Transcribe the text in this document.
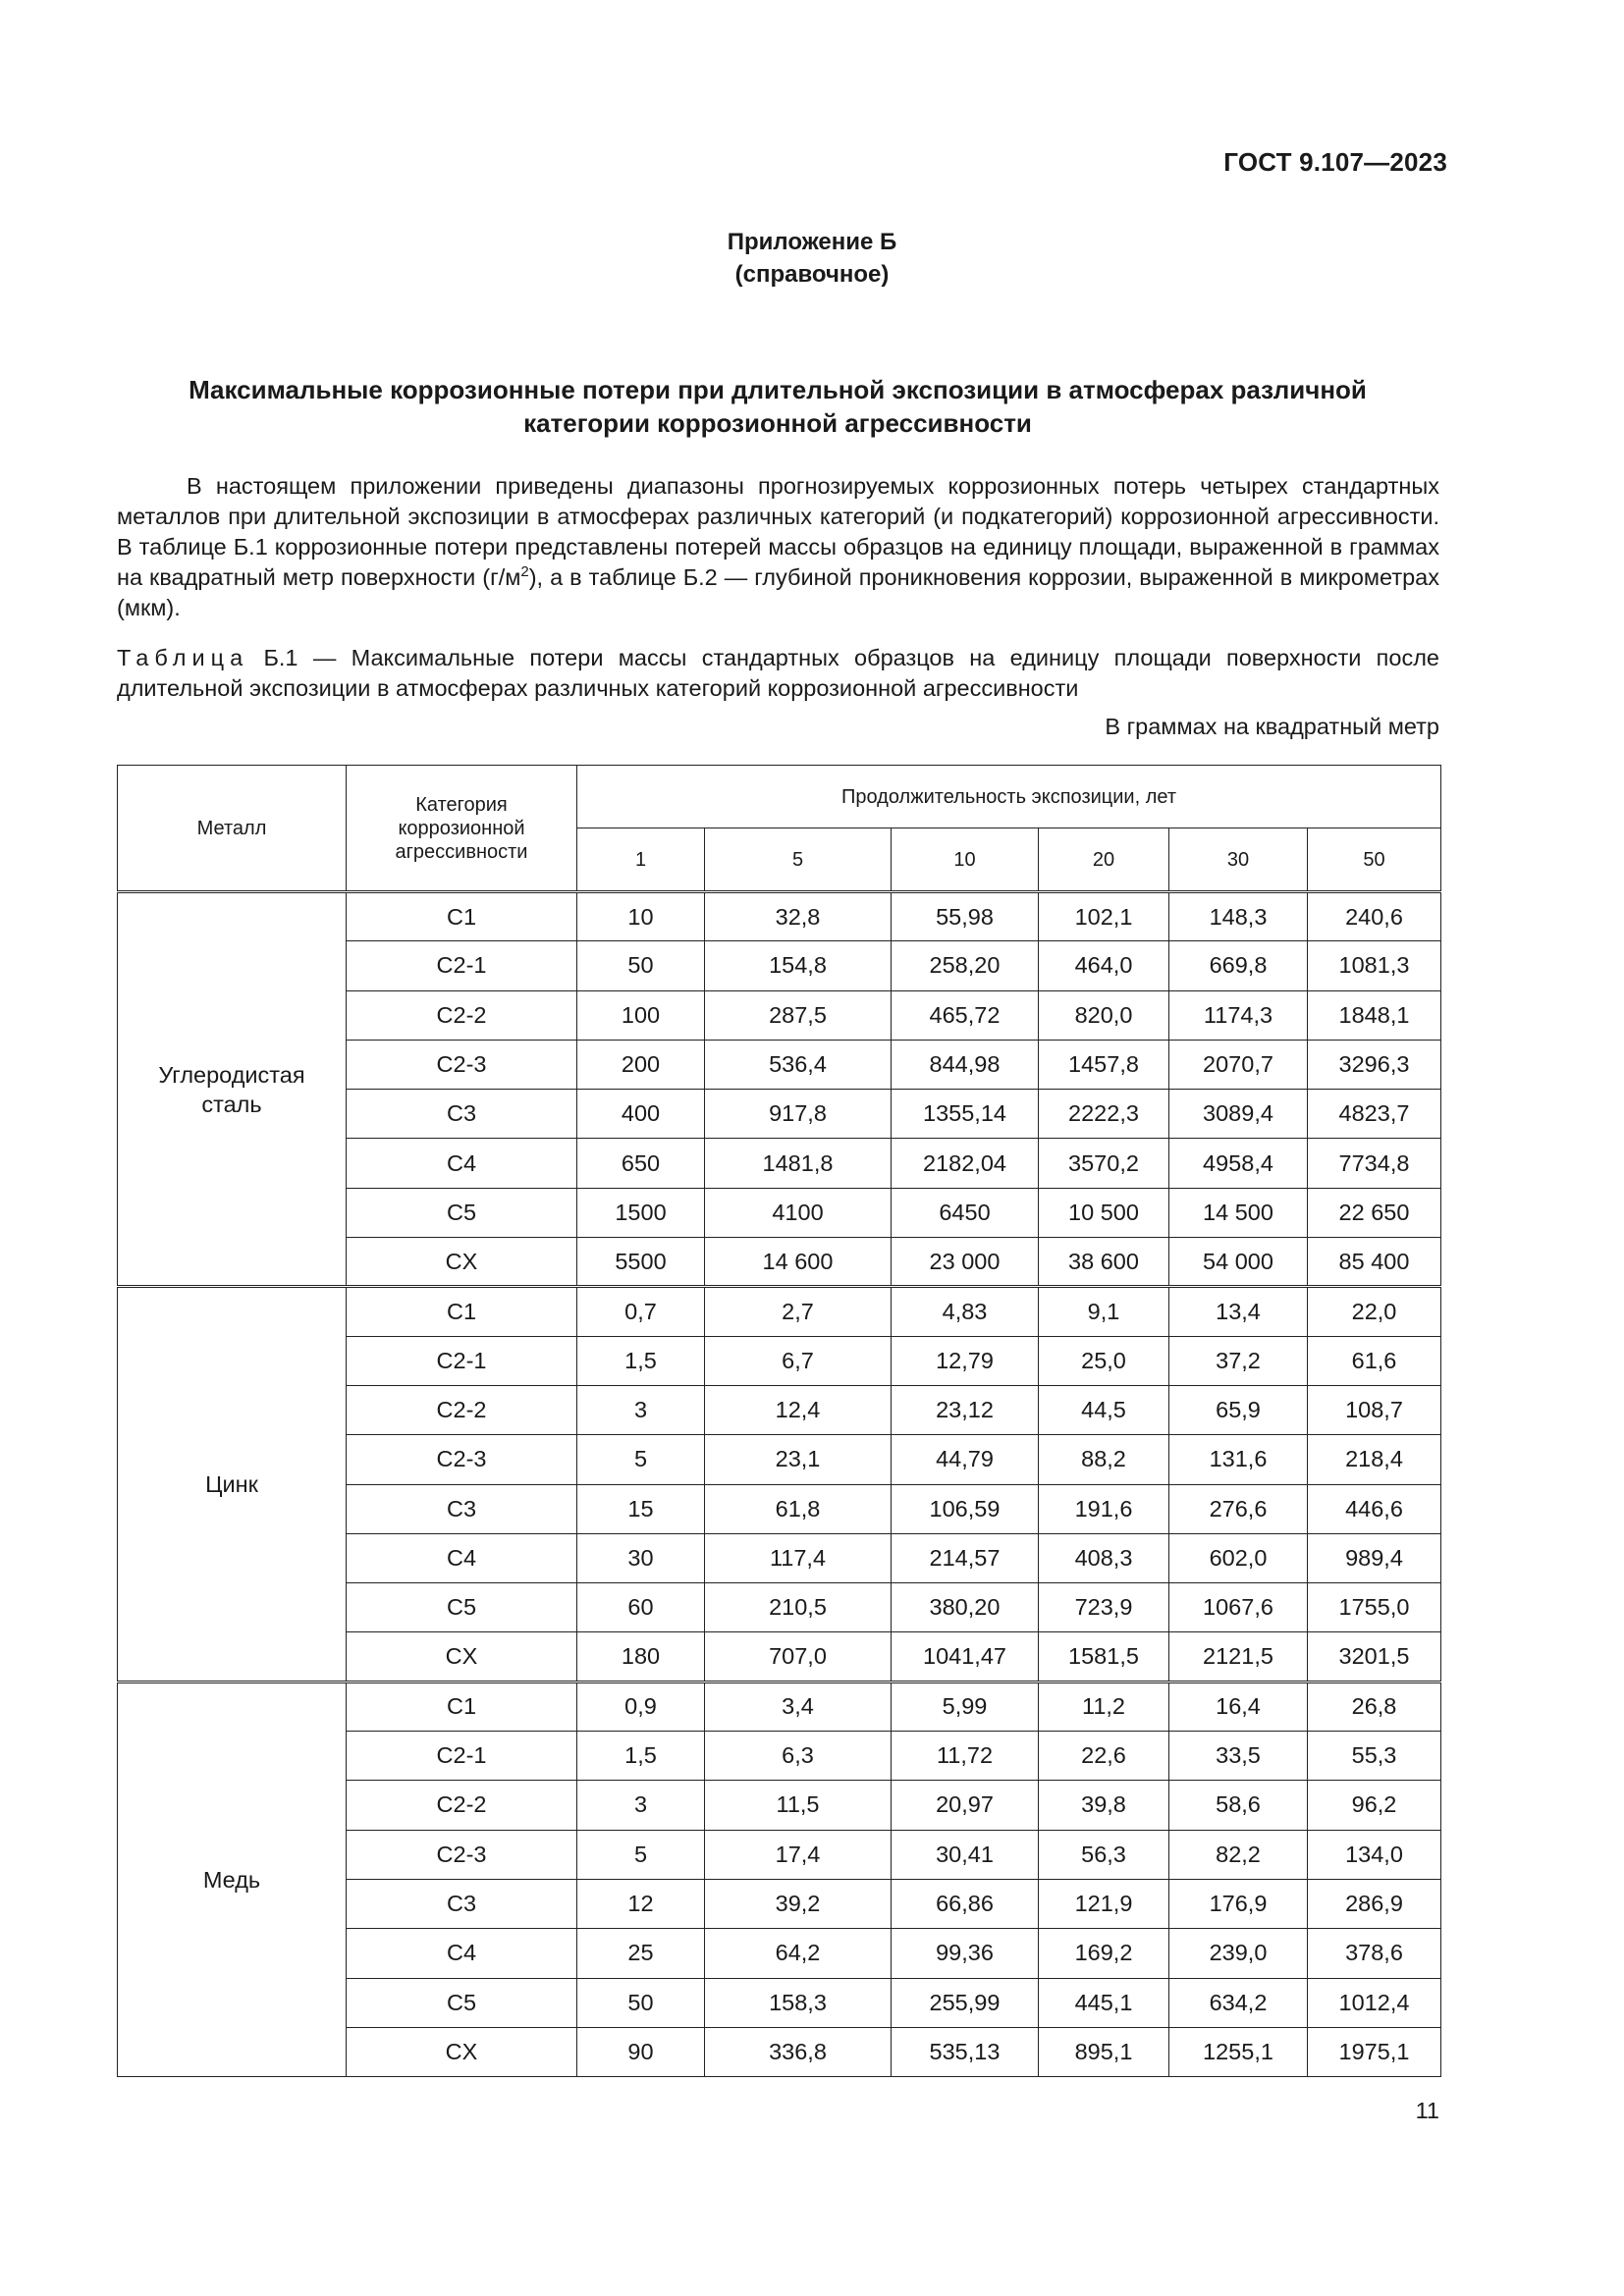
ГОСТ 9.107—2023
Приложение Б
(справочное)
Максимальные коррозионные потери при длительной экспозиции в атмосферах различной
категории коррозионной агрессивности

В настоящем приложении приведены диапазоны прогнозируемых коррозионных потерь четырех стандартных металлов при длительной экспозиции в атмосферах различных категорий (и подкатегорий) коррозионной агрессивности. В таблице Б.1 коррозионные потери представлены потерей массы образцов на единицу площади, выраженной в граммах на квадратный метр поверхности $(г/м^2)$, а в таблице Б.2 — глубиной проникновения коррозии, выраженной в микрометрах (мкм).

Таблица Б.1 — Максимальные потери массы стандартных образцов на единицу площади поверхности после длительной экспозиции в атмосферах различных категорий коррозионной агрессивности

В граммах на квадратный метр
Металл	Категория коррозионной агрессивности	Продолжительность экспозиции, лет					
		1	5	10	20	30	50
Углеродистая сталь	C1	10	32,8	55,98	102,1	148,3	240,6
	C2-1	50	154,8	258,20	464,0	669,8	1081,3
	C2-2	100	287,5	465,72	820,0	1174,3	1848,1
	C2-3	200	536,4	844,98	1457,8	2070,7	3296,3
	C3	400	917,8	1355,14	2222,3	3089,4	4823,7
	C4	650	1481,8	2182,04	3570,2	4958,4	7734,8
	C5	1500	4100	6450	10 500	14 500	22 650
	CX	5500	14 600	23 000	38 600	54 000	85 400
Цинк	C1	0,7	2,7	4,83	9,1	13,4	22,0
	C2-1	1,5	6,7	12,79	25,0	37,2	61,6
	C2-2	3	12,4	23,12	44,5	65,9	108,7
	C2-3	5	23,1	44,79	88,2	131,6	218,4
	C3	15	61,8	106,59	191,6	276,6	446,6
	C4	30	117,4	214,57	408,3	602,0	989,4
	C5	60	210,5	380,20	723,9	1067,6	1755,0
	CX	180	707,0	1041,47	1581,5	2121,5	3201,5
Медь	C1	0,9	3,4	5,99	11,2	16,4	26,8
	C2-1	1,5	6,3	11,72	22,6	33,5	55,3
	C2-2	3	11,5	20,97	39,8	58,6	96,2
	C2-3	5	17,4	30,41	56,3	82,2	134,0
	C3	12	39,2	66,86	121,9	176,9	286,9
	C4	25	64,2	99,36	169,2	239,0	378,6
	C5	50	158,3	255,99	445,1	634,2	1012,4
	CX	90	336,8	535,13	895,1	1255,1	1975,1
11
